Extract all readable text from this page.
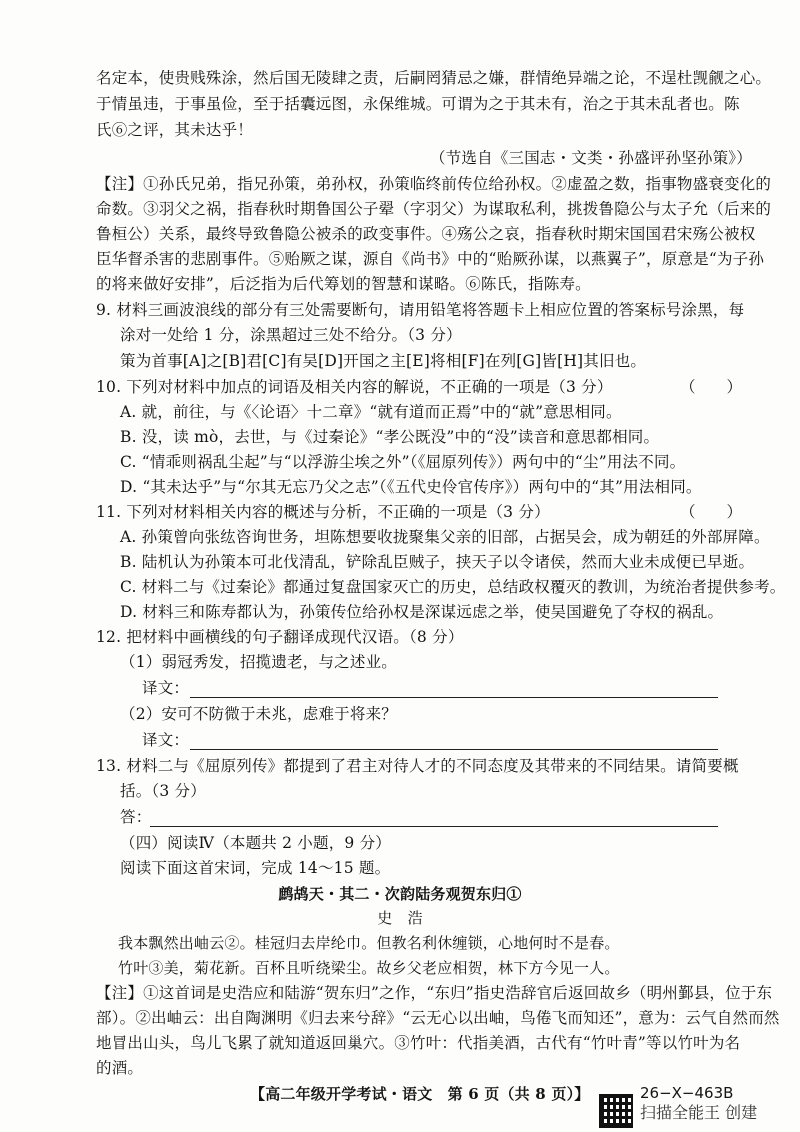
名定本，使贵贱殊涂，然后国无陵肆之责，后嗣罔猜忌之嫌，群情绝异端之论，不逞杜觊觎之心。
于情虽违，于事虽俭，至于括囊远图，永保维城。可谓为之于其未有，治之于其未乱者也。陈
氏⑥之评，其未达乎！
（节选自《三国志・文类・孙盛评孙坚孙策》）
【注】①孙氏兄弟，指兄孙策，弟孙权，孙策临终前传位给孙权。②虚盈之数，指事物盛衰变化的
命数。③羽父之祸，指春秋时期鲁国公子翚（字羽父）为谋取私利，挑拨鲁隐公与太子允（后来的
鲁桓公）关系，最终导致鲁隐公被杀的政变事件。④殇公之哀，指春秋时期宋国国君宋殇公被权
臣华督杀害的悲剧事件。⑤贻厥之谋，源自《尚书》中的“贻厥孙谋，以燕翼子”，原意是“为子孙
的将来做好安排”，后泛指为后代筹划的智慧和谋略。⑥陈氏，指陈寿。
9. 材料三画波浪线的部分有三处需要断句，请用铅笔将答题卡上相应位置的答案标号涂黑，每
涂对一处给 1 分，涂黑超过三处不给分。（3 分）
策为首事[A]之[B]君[C]有吴[D]开国之主[E]将相[F]在列[G]皆[H]其旧也。
10. 下列对材料中加点的词语及相关内容的解说，不正确的一项是（3 分）	（　　）
A. 就，前往，与《〈论语〉十二章》“就有道而正焉”中的“就”意思相同。
B. 没，读 mò，去世，与《过秦论》“孝公既没”中的“没”读音和意思都相同。
C. “情乖则祸乱尘起”与“以浮游尘埃之外”（《屈原列传》）两句中的“尘”用法不同。
D. “其未达乎”与“尔其无忘乃父之志”（《五代史伶官传序》）两句中的“其”用法相同。
11. 下列对材料相关内容的概述与分析，不正确的一项是（3 分）	（　　）
A. 孙策曾向张纮咨询世务，坦陈想要收拢聚集父亲的旧部，占据吴会，成为朝廷的外部屏障。
B. 陆机认为孙策本可北伐清乱，铲除乱臣贼子，挟天子以令诸侯，然而大业未成便已早逝。
C. 材料二与《过秦论》都通过复盘国家灭亡的历史，总结政权覆灭的教训，为统治者提供参考。
D. 材料三和陈寿都认为，孙策传位给孙权是深谋远虑之举，使吴国避免了夺权的祸乱。
12. 把材料中画横线的句子翻译成现代汉语。（8 分）
（1）弱冠秀发，招揽遗老，与之述业。
译文：
（2）安可不防微于未兆，虑难于将来？
译文：
13. 材料二与《屈原列传》都提到了君主对待人才的不同态度及其带来的不同结果。请简要概
括。（3 分）
答：
（四）阅读Ⅳ（本题共 2 小题，9 分）
阅读下面这首宋词，完成 14～15 题。
鹧鸪天・其二・次韵陆务观贺东归①
史　浩
我本飘然出岫云②。桂冠归去岸纶巾。但教名利休缠锁，心地何时不是春。
竹叶③美，菊花新。百杯且听绕梁尘。故乡父老应相贺，林下方今见一人。
【注】①这首词是史浩应和陆游“贺东归”之作，“东归”指史浩辞官后返回故乡（明州鄞县，位于东
部）。②出岫云：出自陶渊明《归去来兮辞》“云无心以出岫，鸟倦飞而知还”，意为：云气自然而然
地冒出山头，鸟儿飞累了就知道返回巢穴。③竹叶：代指美酒，古代有“竹叶青”等以竹叶为名
的酒。
【高二年级开学考试・语文　第 6 页（共 8 页）】	26−X−463B
扫描全能王 创建
